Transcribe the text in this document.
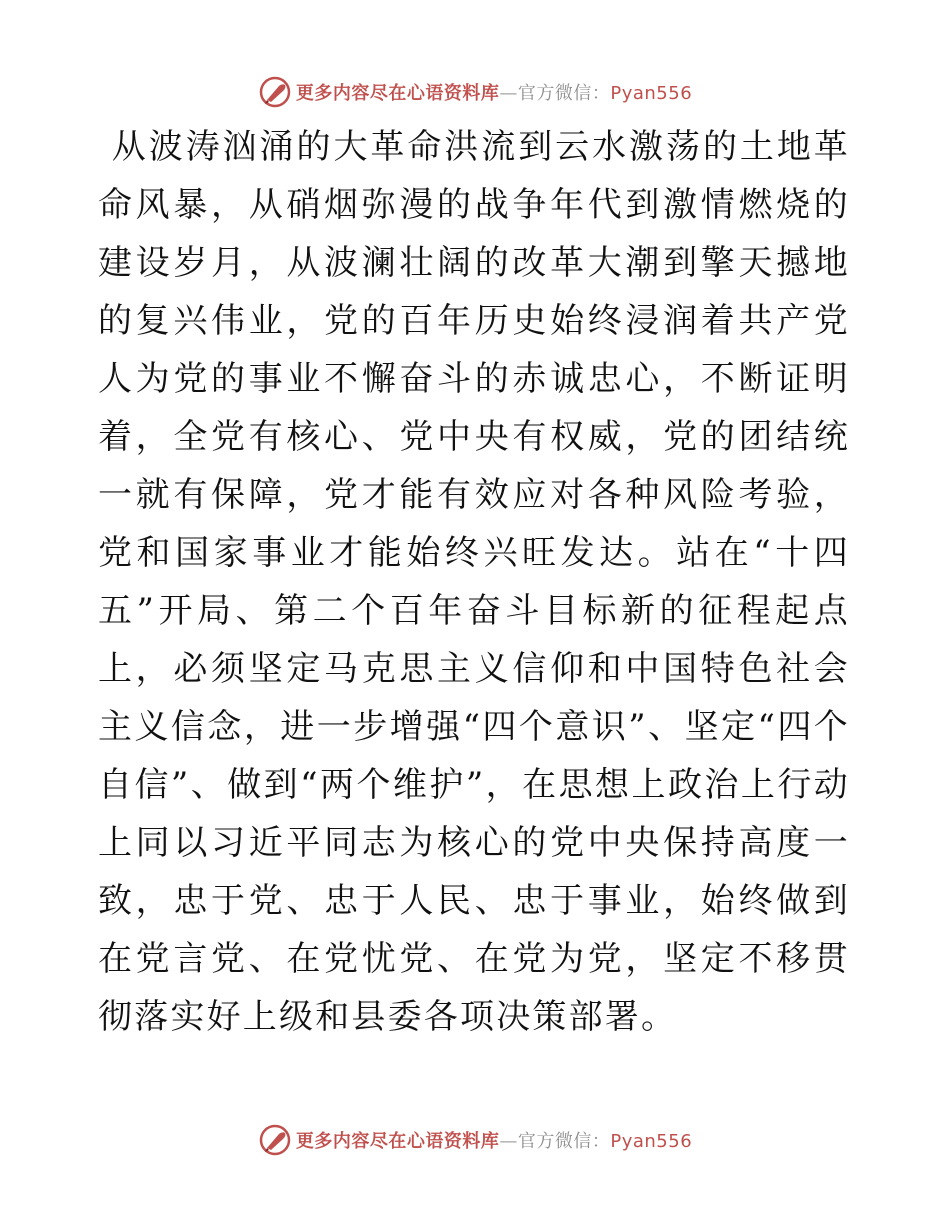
更多内容尽在心语资料库—官方微信：Pyan556

从波涛汹涌的大革命洪流到云水激荡的土地革命风暴，从硝烟弥漫的战争年代到激情燃烧的建设岁月，从波澜壮阔的改革大潮到擎天撼地的复兴伟业，党的百年历史始终浸润着共产党人为党的事业不懈奋斗的赤诚忠心，不断证明着，全党有核心、党中央有权威，党的团结统一就有保障，党才能有效应对各种风险考验，党和国家事业才能始终兴旺发达。站在“十四五”开局、第二个百年奋斗目标新的征程起点上，必须坚定马克思主义信仰和中国特色社会主义信念，进一步增强“四个意识”、坚定“四个自信”、做到“两个维护”，在思想上政治上行动上同以习近平同志为核心的党中央保持高度一致，忠于党、忠于人民、忠于事业，始终做到在党言党、在党忧党、在党为党，坚定不移贯彻落实好上级和县委各项决策部署。

更多内容尽在心语资料库—官方微信：Pyan556
